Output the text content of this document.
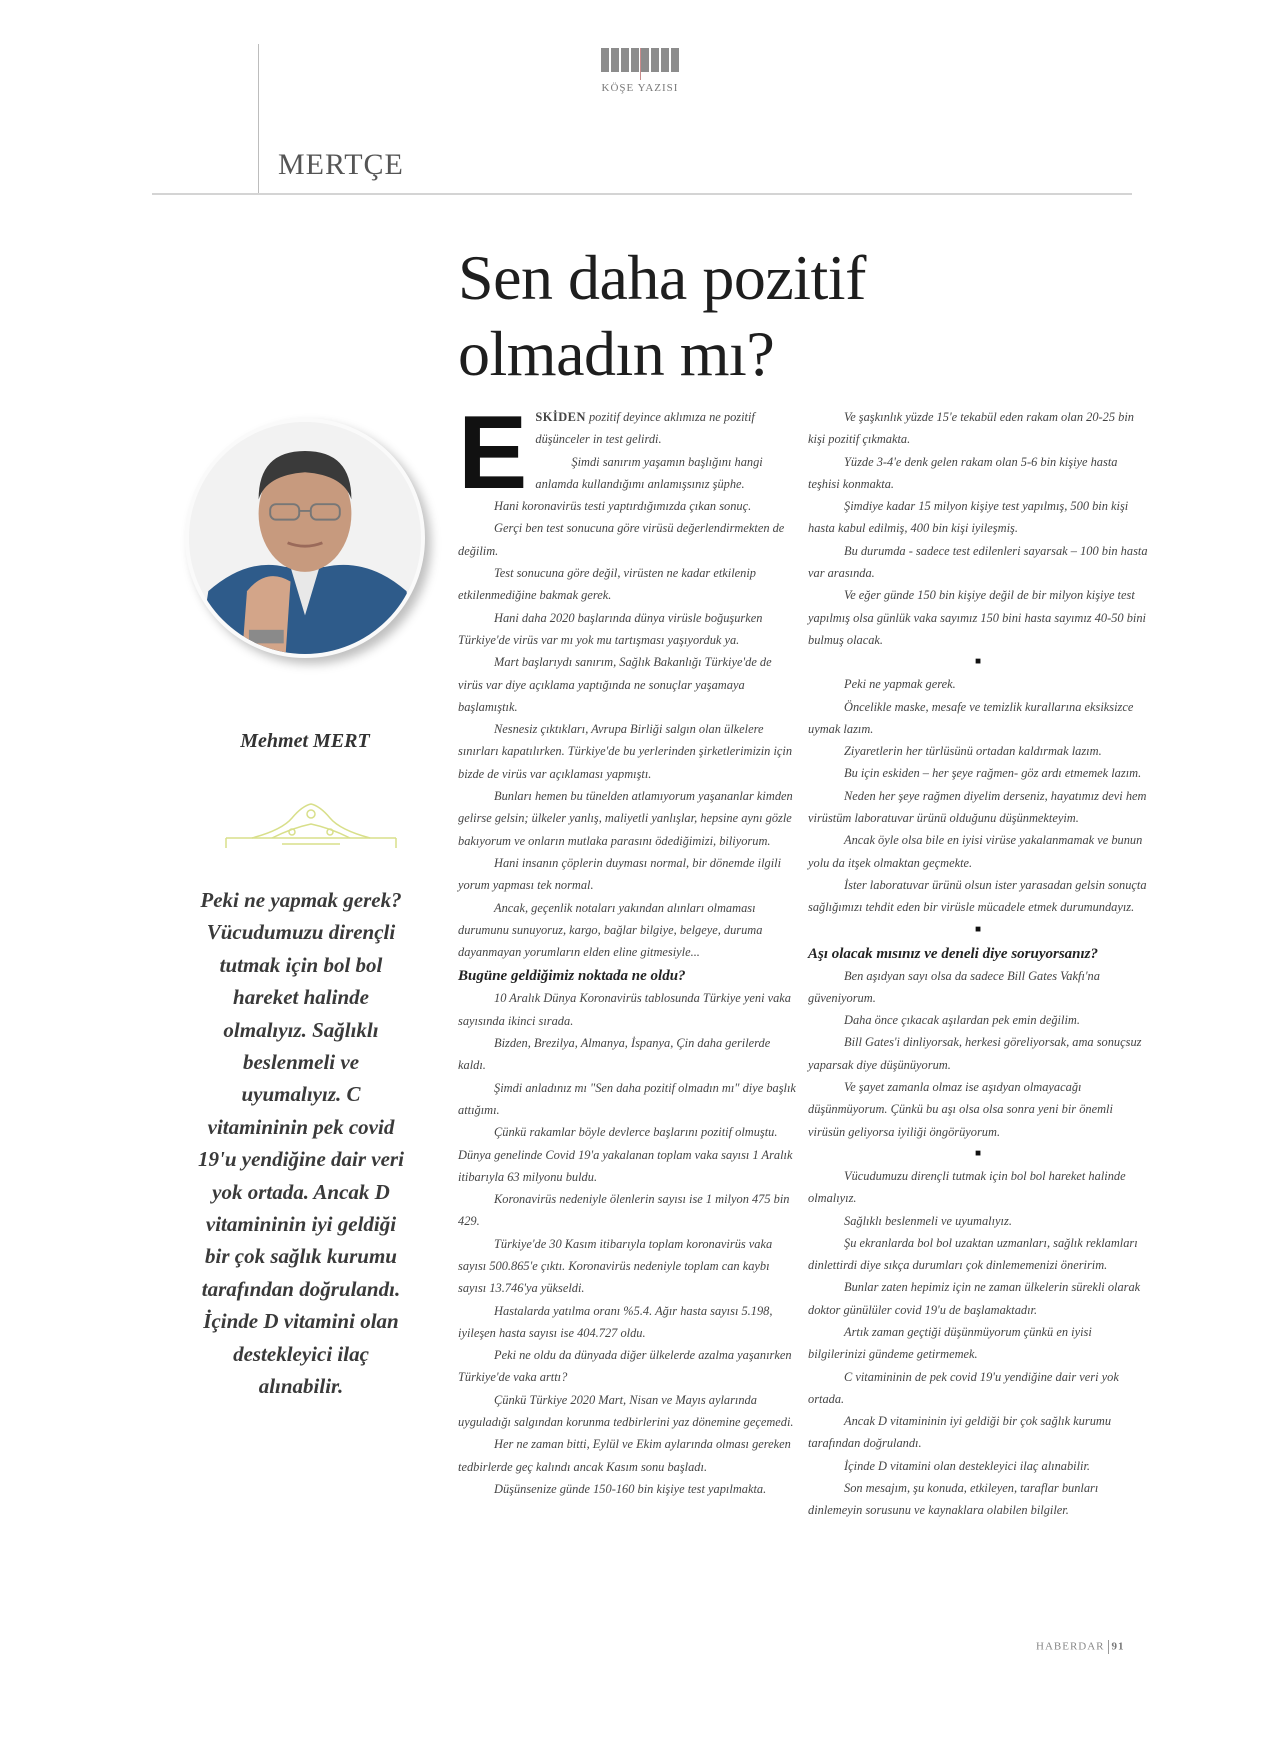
KÖŞE YAZISI
MERTÇE
Sen daha pozitif
olmadın mı?
Mehmet MERT
Peki ne yapmak gerek? Vücudumuzu dirençli tutmak için bol bol hareket halinde olmalıyız. Sağlıklı beslenmeli ve uyumalıyız. C vitamininin pek covid 19'u yendiğine dair veri yok ortada. Ancak D vitamininin iyi geldiği bir çok sağlık kurumu tarafından doğrulandı. İçinde D vitamini olan destekleyici ilaç alınabilir.

E SKİDEN pozitif deyince aklımıza ne pozitif düşünceler in test gelirdi.

Şimdi sanırım yaşamın başlığını hangi anlamda kullandığımı anlamışsınız şüphe.

Hani koronavirüs testi yaptırdığımızda çıkan sonuç.

Gerçi ben test sonucuna göre virüsü değerlendirmekten de değilim.

Test sonucuna göre değil, virüsten ne kadar etkilenip etkilenmediğine bakmak gerek.

Hani daha 2020 başlarında dünya virüsle boğuşurken Türkiye'de virüs var mı yok mu tartışması yaşıyorduk ya.

Mart başlarıydı sanırım, Sağlık Bakanlığı Türkiye'de de virüs var diye açıklama yaptığında ne sonuçlar yaşamaya başlamıştık.

Nesnesiz çıktıkları, Avrupa Birliği salgın olan ülkelere sınırları kapatılırken. Türkiye'de bu yerlerinden şirketlerimizin için bizde de virüs var açıklaması yapmıştı.

Bunları hemen bu tünelden atlamıyorum yaşananlar kimden gelirse gelsin; ülkeler yanlış, maliyetli yanlışlar, hepsine aynı gözle bakıyorum ve onların mutlaka parasını ödediğimizi, biliyorum.

Hani insanın çöplerin duyması normal, bir dönemde ilgili yorum yapması tek normal.

Ancak, geçenlik notaları yakından alınları olmaması durumunu sunuyoruz, kargo, bağlar bilgiye, belgeye, duruma dayanmayan yorumların elden eline gitmesiyle...

Bugüne geldiğimiz noktada ne oldu?

10 Aralık Dünya Koronavirüs tablosunda Türkiye yeni vaka sayısında ikinci sırada.

Bizden, Brezilya, Almanya, İspanya, Çin daha gerilerde kaldı.

Şimdi anladınız mı "Sen daha pozitif olmadın mı" diye başlık attığımı.

Çünkü rakamlar böyle devlerce başlarını pozitif olmuştu. Dünya genelinde Covid 19'a yakalanan toplam vaka sayısı 1 Aralık itibarıyla 63 milyonu buldu.

Koronavirüs nedeniyle ölenlerin sayısı ise 1 milyon 475 bin 429.

Türkiye'de 30 Kasım itibarıyla toplam koronavirüs vaka sayısı 500.865'e çıktı. Koronavirüs nedeniyle toplam can kaybı sayısı 13.746'ya yükseldi.

Hastalarda yatılma oranı %5.4. Ağır hasta sayısı 5.198, iyileşen hasta sayısı ise 404.727 oldu.

Peki ne oldu da dünyada diğer ülkelerde azalma yaşanırken Türkiye'de vaka arttı?

Çünkü Türkiye 2020 Mart, Nisan ve Mayıs aylarında uyguladığı salgından korunma tedbirlerini yaz dönemine geçemedi.

Her ne zaman bitti, Eylül ve Ekim aylarında olması gereken tedbirlerde geç kalındı ancak Kasım sonu başladı.

Düşünsenize günde 150-160 bin kişiye test yapılmakta.

Ve şaşkınlık yüzde 15'e tekabül eden rakam olan 20-25 bin kişi pozitif çıkmakta.

Yüzde 3-4'e denk gelen rakam olan 5-6 bin kişiye hasta teşhisi konmakta.

Şimdiye kadar 15 milyon kişiye test yapılmış, 500 bin kişi hasta kabul edilmiş, 400 bin kişi iyileşmiş.

Bu durumda - sadece test edilenleri sayarsak – 100 bin hasta var arasında.

Ve eğer günde 150 bin kişiye değil de bir milyon kişiye test yapılmış olsa günlük vaka sayımız 150 bini hasta sayımız 40-50 bini bulmuş olacak.

■

Peki ne yapmak gerek.

Öncelikle maske, mesafe ve temizlik kurallarına eksiksizce uymak lazım.

Ziyaretlerin her türlüsünü ortadan kaldırmak lazım.

Bu için eskiden – her şeye rağmen- göz ardı etmemek lazım.

Neden her şeye rağmen diyelim derseniz, hayatımız devi hem virüstüm laboratuvar ürünü olduğunu düşünmekteyim.

Ancak öyle olsa bile en iyisi virüse yakalanmamak ve bunun yolu da itşek olmaktan geçmekte.

İster laboratuvar ürünü olsun ister yarasadan gelsin sonuçta sağlığımızı tehdit eden bir virüsle mücadele etmek durumundayız.

■
Aşı olacak mısınız ve deneli diye soruyorsanız?

Ben aşıdyan sayı olsa da sadece Bill Gates Vakfı'na güveniyorum.

Daha önce çıkacak aşılardan pek emin değilim.

Bill Gates'i dinliyorsak, herkesi göreliyorsak, ama sonuçsuz yaparsak diye düşünüyorum.

Ve şayet zamanla olmaz ise aşıdyan olmayacağı düşünmüyorum. Çünkü bu aşı olsa olsa sonra yeni bir önemli virüsün geliyorsa iyiliği öngörüyorum.

■

Vücudumuzu dirençli tutmak için bol bol hareket halinde olmalıyız.

Sağlıklı beslenmeli ve uyumalıyız.

Şu ekranlarda bol bol uzaktan uzmanları, sağlık reklamları dinlettirdi diye sıkça durumları çok dinlememenizi öneririm.

Bunlar zaten hepimiz için ne zaman ülkelerin sürekli olarak doktor günülüler covid 19'u de başlamaktadır.

Artık zaman geçtiği düşünmüyorum çünkü en iyisi bilgilerinizi gündeme getirmemek.

C vitamininin de pek covid 19'u yendiğine dair veri yok ortada.

Ancak D vitamininin iyi geldiği bir çok sağlık kurumu tarafından doğrulandı.

İçinde D vitamini olan destekleyici ilaç alınabilir.

Son mesajım, şu konuda, etkileyen, taraflar bunları dinlemeyin sorusunu ve kaynaklara olabilen bilgiler.

HABERDAR 91
